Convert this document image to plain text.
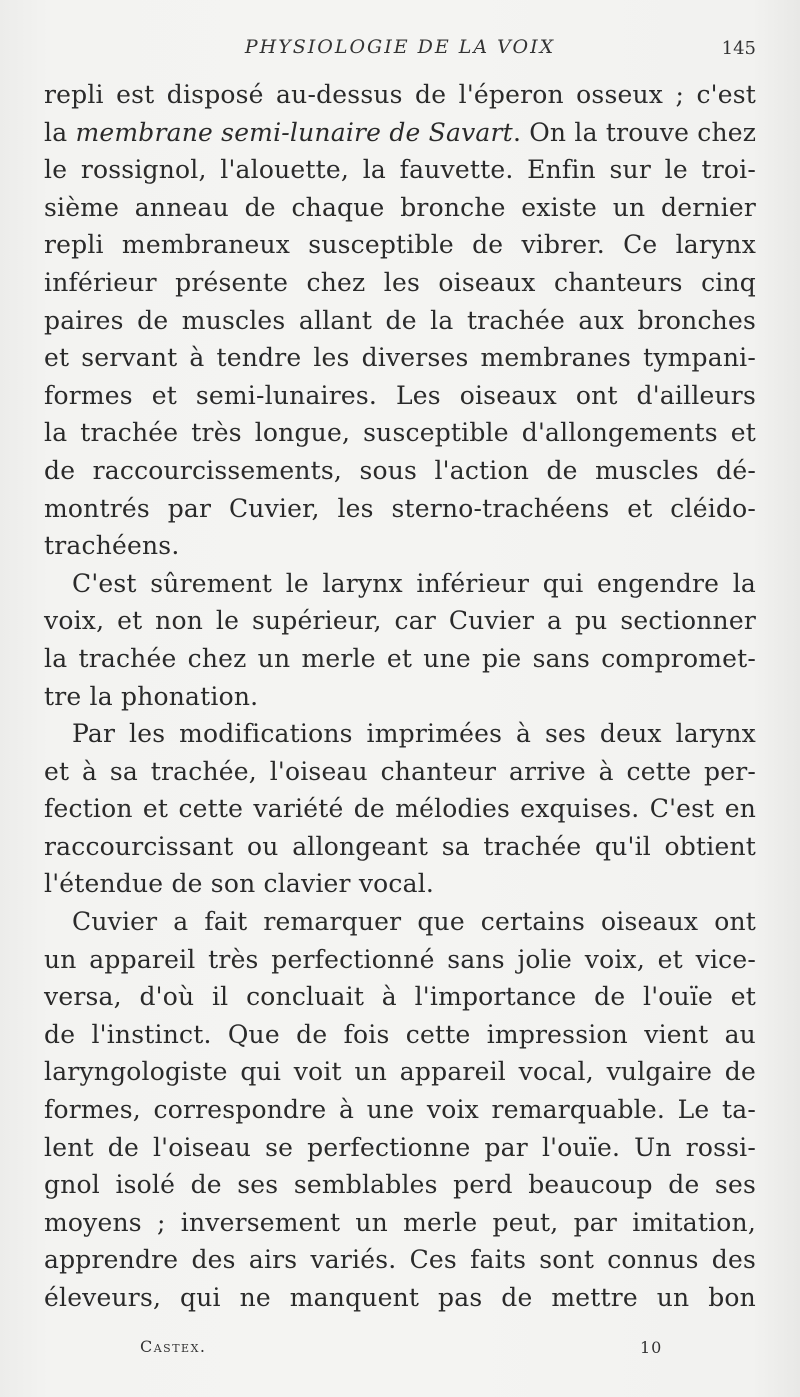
PHYSIOLOGIE DE LA VOIX	145
repli est disposé au-dessus de l'éperon osseux ; c'est
la membrane semi-lunaire de Savart. On la trouve chez
le rossignol, l'alouette, la fauvette. Enfin sur le troi-
sième anneau de chaque bronche existe un dernier
repli membraneux susceptible de vibrer. Ce larynx
inférieur présente chez les oiseaux chanteurs cinq
paires de muscles allant de la trachée aux bronches
et servant à tendre les diverses membranes tympani-
formes et semi-lunaires. Les oiseaux ont d'ailleurs
la trachée très longue, susceptible d'allongements et
de raccourcissements, sous l'action de muscles dé-
montrés par Cuvier, les sterno-trachéens et cléido-
trachéens.
C'est sûrement le larynx inférieur qui engendre la
voix, et non le supérieur, car Cuvier a pu sectionner
la trachée chez un merle et une pie sans compromet-
tre la phonation.
Par les modifications imprimées à ses deux larynx
et à sa trachée, l'oiseau chanteur arrive à cette per-
fection et cette variété de mélodies exquises. C'est en
raccourcissant ou allongeant sa trachée qu'il obtient
l'étendue de son clavier vocal.
Cuvier a fait remarquer que certains oiseaux ont
un appareil très perfectionné sans jolie voix, et vice-
versa, d'où il concluait à l'importance de l'ouïe et
de l'instinct. Que de fois cette impression vient au
laryngologiste qui voit un appareil vocal, vulgaire de
formes, correspondre à une voix remarquable. Le ta-
lent de l'oiseau se perfectionne par l'ouïe. Un rossi-
gnol isolé de ses semblables perd beaucoup de ses
moyens ; inversement un merle peut, par imitation,
apprendre des airs variés. Ces faits sont connus des
éleveurs, qui ne manquent pas de mettre un bon
Castex.	10
